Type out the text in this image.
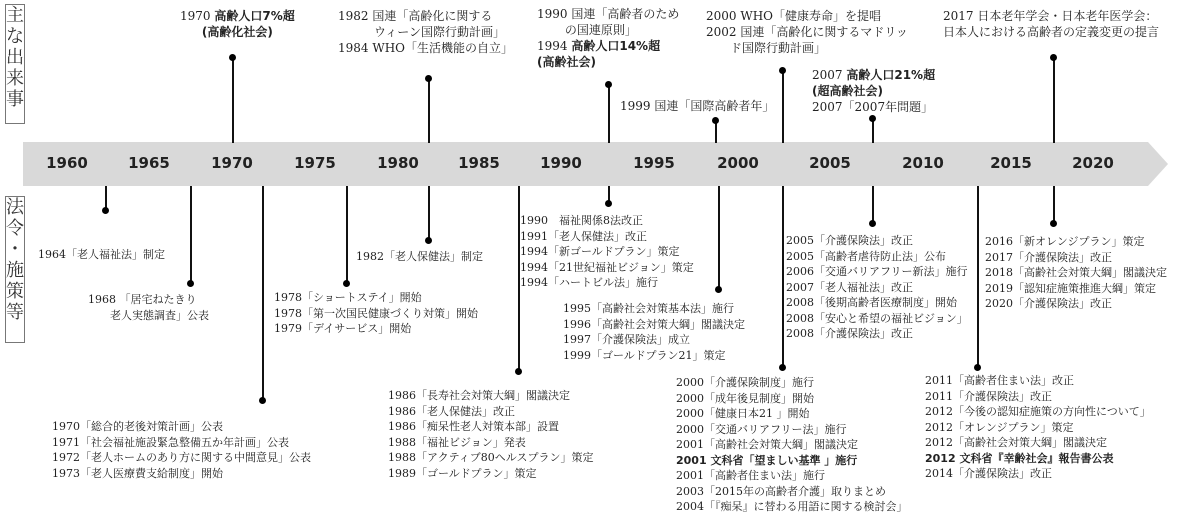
主
な
出
来
事
法
令
・
施
策
等
1960	1965	1970	1975	1980	1985	1990	1995	2000	2005	2010	2015	2020
1970 高齢人口7%超
(高齢化社会)
1982 国連「高齢化に関する
　　　ウィーン国際行動計画」
1984 WHO「生活機能の自立」
1990 国連「高齢者のため
　　 の国連原則」
1994 高齢人口14%超
(高齢社会)
1999 国連「国際高齢者年」
2000 WHO「健康寿命」を提唱
2002 国連「高齢化に関するマドリッ
　　ド国際行動計画」
2007 高齢人口21%超
(超高齢社会)
2007「2007年問題」
2017 日本老年学会・日本老年医学会：
日本人における高齢者の定義変更の提言
1964「老人福祉法」制定
1968 「居宅ねたきり
　　老人実態調査」公表
1970「総合的老後対策計画」公表
1971「社会福祉施設緊急整備五か年計画」公表
1972「老人ホームのあり方に関する中間意見」公表
1973「老人医療費支給制度」開始
1978「ショートステイ」開始
1978「第一次国民健康づくり対策」開始
1979「デイサービス」開始
1982「老人保健法」制定
1986「長寿社会対策大綱」閣議決定
1986「老人保健法」改正
1986「痴呆性老人対策本部」設置
1988「福祉ビジョン」発表
1988「アクティブ80ヘルスプラン」策定
1989「ゴールドプラン」策定
1990　福祉関係8法改正
1991「老人保健法」改正
1994「新ゴールドプラン」策定
1994「21世紀福祉ビジョン」策定
1994「ハートビル法」施行
1995「高齢社会対策基本法」施行
1996「高齢社会対策大綱」閣議決定
1997「介護保険法」成立
1999「ゴールドプラン21」策定
2000「介護保険制度」施行
2000「成年後見制度」開始
2000「健康日本21 」開始
2000「交通バリアフリー法」施行
2001「高齢社会対策大綱」閣議決定
2001 文科省「望ましい基準 」施行
2001「高齢者住まい法」施行
2003「2015年の高齢者介護」取りまとめ
2004「『痴呆』に替わる用語に関する検討会」
2005「介護保険法」改正
2005「高齢者虐待防止法」公布
2006「交通バリアフリー新法」施行
2007「老人福祉法」改正
2008「後期高齢者医療制度」開始
2008「安心と希望の福祉ビジョン」
2008「介護保険法」改正
2011「高齢者住まい法」改正
2011「介護保険法」改正
2012「今後の認知症施策の方向性について」
2012「オレンジプラン」策定
2012「高齢社会対策大綱」閣議決定
2012 文科省『幸齢社会』報告書公表
2014「介護保険法」改正
2016「新オレンジプラン」策定
2017「介護保険法」改正
2018「高齢社会対策大綱」閣議決定
2019「認知症施策推進大綱」策定
2020「介護保険法」改正
